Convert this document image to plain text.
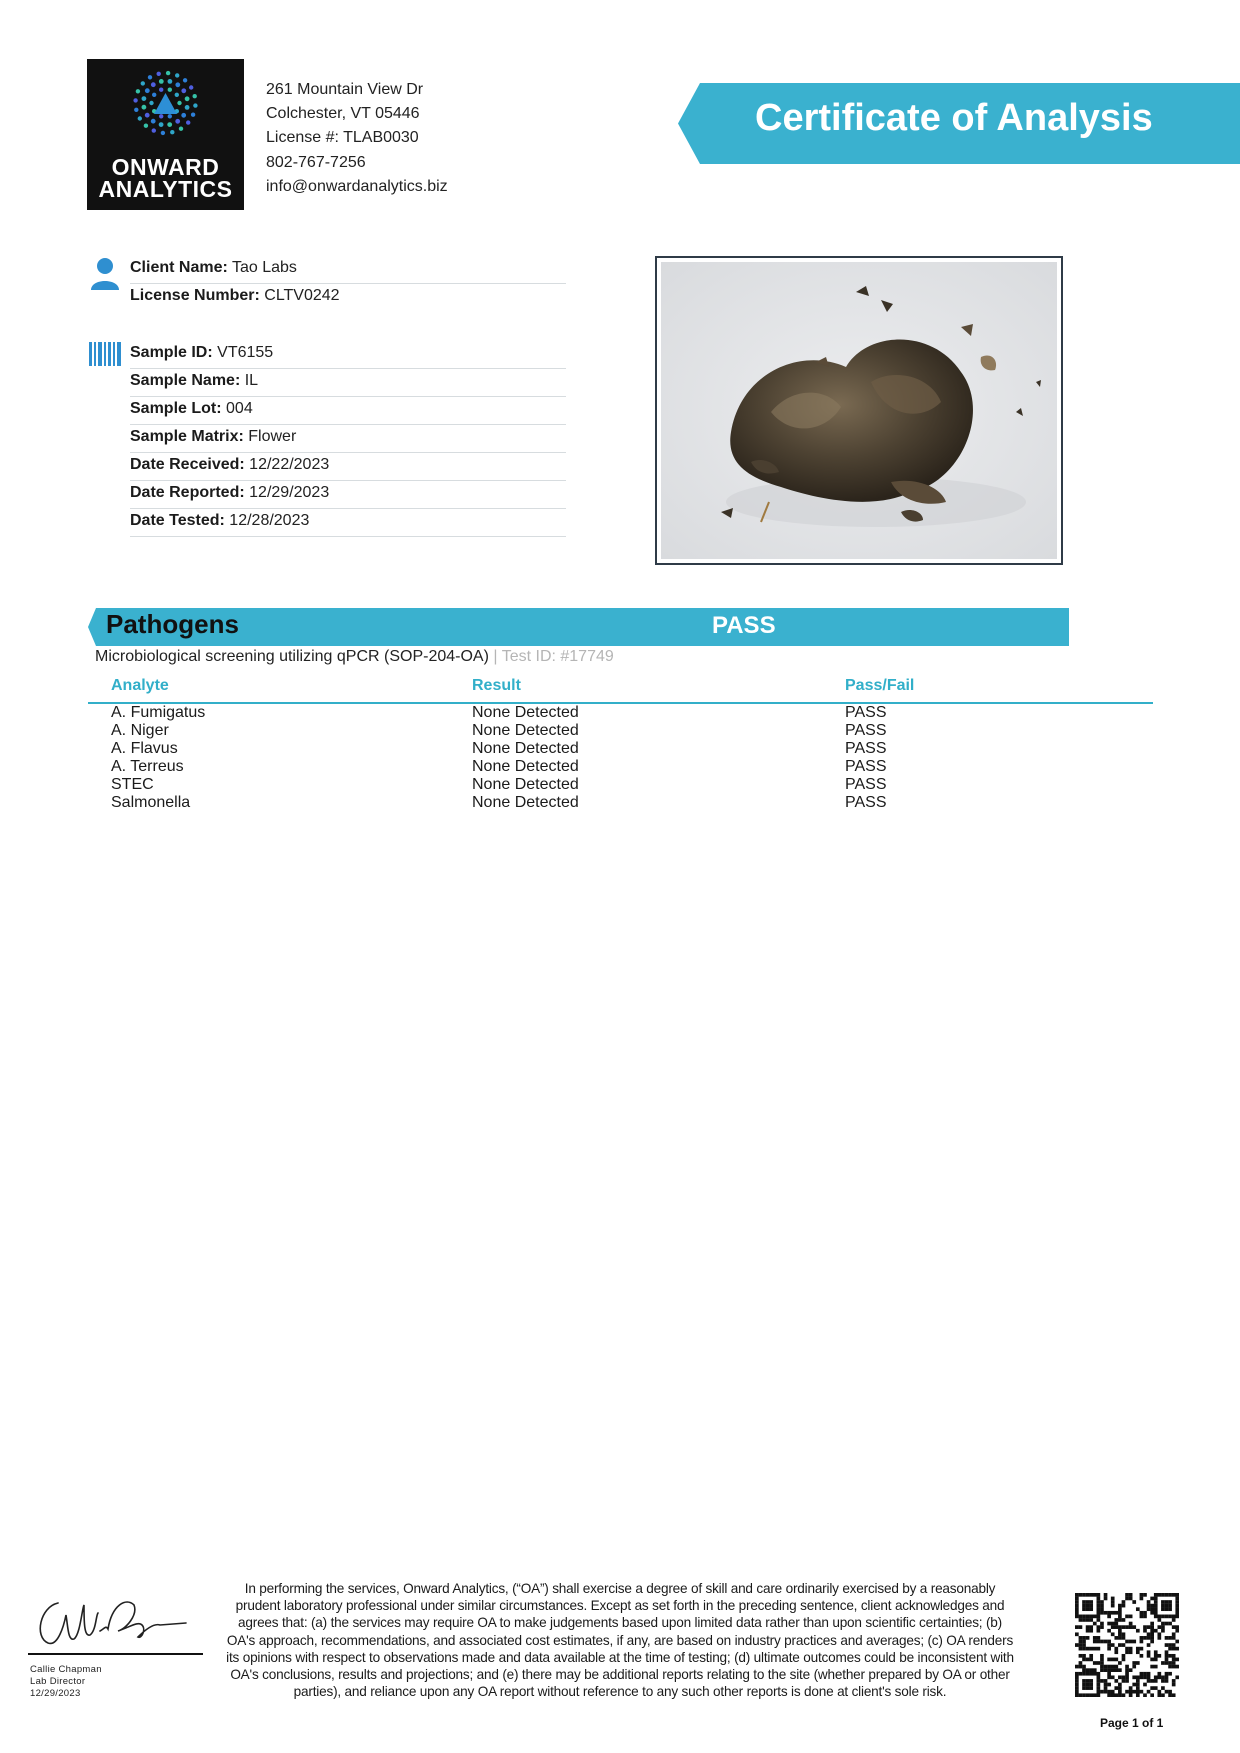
ONWARD
ANALYTICS
261 Mountain View Dr
Colchester, VT 05446
License #: TLAB0030
802-767-7256
info@onwardanalytics.biz
Certificate of Analysis
Client Name: Tao Labs
License Number: CLTV0242
Sample ID: VT6155
Sample Name: IL
Sample Lot: 004
Sample Matrix: Flower
Date Received: 12/22/2023
Date Reported: 12/29/2023
Date Tested: 12/28/2023
Pathogens	PASS
Microbiological screening utilizing qPCR (SOP-204-OA) | Test ID: #17749
Analyte	Result	Pass/Fail
A. Fumigatus	None Detected	PASS
A. Niger	None Detected	PASS
A. Flavus	None Detected	PASS
A. Terreus	None Detected	PASS
STEC	None Detected	PASS
Salmonella	None Detected	PASS
Callie Chapman
Lab Director
12/29/2023
In performing the services, Onward Analytics, (“OA”) shall exercise a degree of skill and care ordinarily exercised by a reasonably prudent laboratory professional under similar circumstances. Except as set forth in the preceding sentence, client acknowledges and agrees that: (a) the services may require OA to make judgements based upon limited data rather than upon scientific certainties; (b) OA's approach, recommendations, and associated cost estimates, if any, are based on industry practices and averages; (c) OA renders its opinions with respect to observations made and data available at the time of testing; (d) ultimate outcomes could be inconsistent with OA's conclusions, results and projections; and (e) there may be additional reports relating to the site (whether prepared by OA or other parties), and reliance upon any OA report without reference to any such other reports is done at client's sole risk.
Page 1 of 1
